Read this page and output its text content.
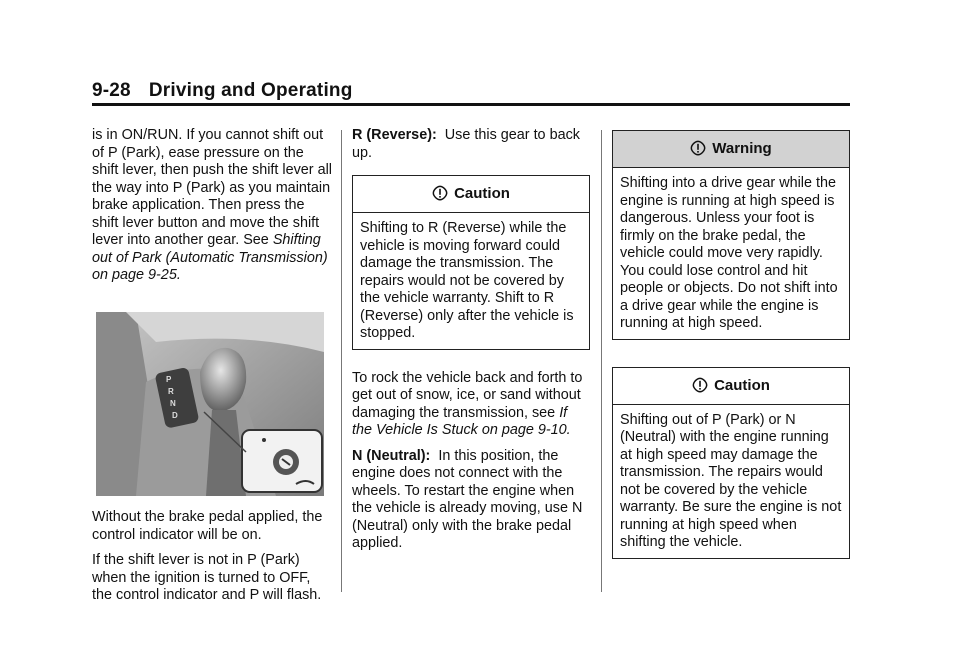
9-28 Driving and Operating

is in ON/RUN. If you cannot shift out of P (Park), ease pressure on the shift lever, then push the shift lever all the way into P (Park) as you maintain brake application. Then press the shift lever button and move the shift lever into another gear. See Shifting out of Park (Automatic Transmission) on page 9-25.

P
R
N
D

Without the brake pedal applied, the control indicator will be on.

If the shift lever is not in P (Park) when the ignition is turned to OFF, the control indicator and P will flash.

R (Reverse): Use this gear to back up.

Caution
Shifting to R (Reverse) while the vehicle is moving forward could damage the transmission. The repairs would not be covered by the vehicle warranty. Shift to R (Reverse) only after the vehicle is stopped.

To rock the vehicle back and forth to get out of snow, ice, or sand without damaging the transmission, see If the Vehicle Is Stuck on page 9-10.

N (Neutral): In this position, the engine does not connect with the wheels. To restart the engine when the vehicle is already moving, use N (Neutral) only with the brake pedal applied.

Warning
Shifting into a drive gear while the engine is running at high speed is dangerous. Unless your foot is firmly on the brake pedal, the vehicle could move very rapidly. You could lose control and hit people or objects. Do not shift into a drive gear while the engine is running at high speed.
Caution
Shifting out of P (Park) or N (Neutral) with the engine running at high speed may damage the transmission. The repairs would not be covered by the vehicle warranty. Be sure the engine is not running at high speed when shifting the vehicle.
